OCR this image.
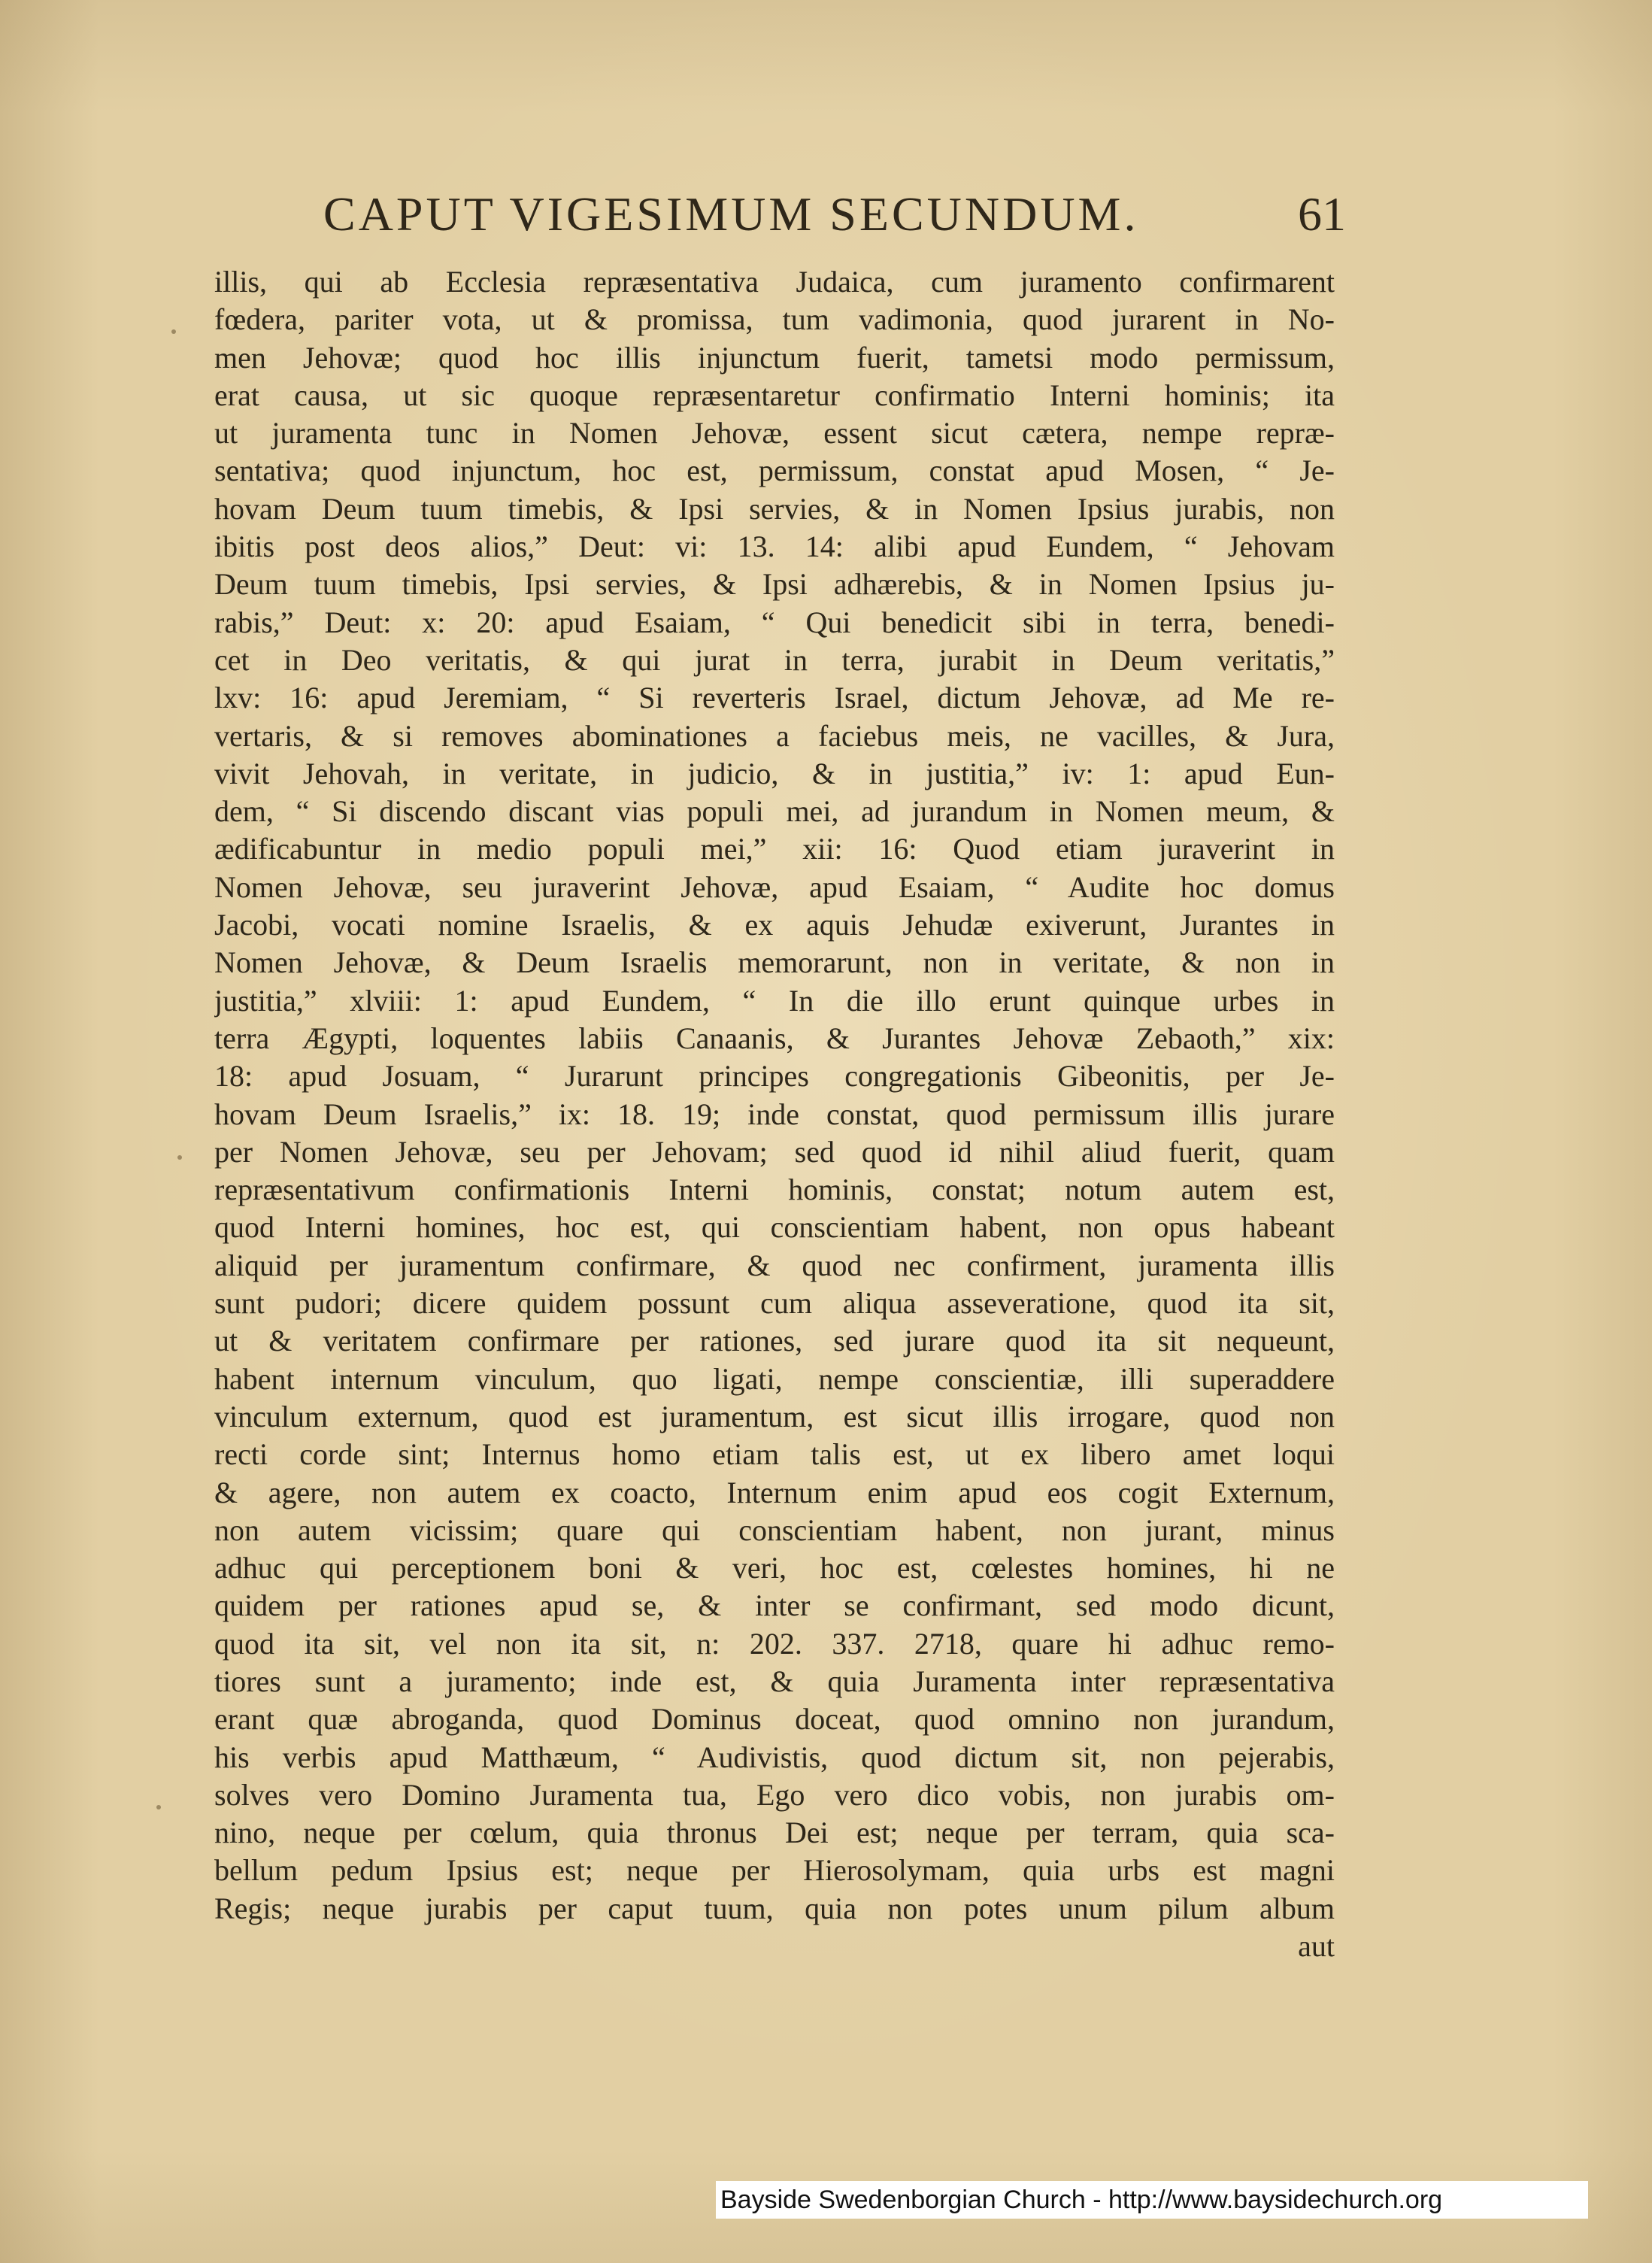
CAPUT VIGESIMUM SECUNDUM.	61
illis, qui ab Ecclesia repræsentativa Judaica, cum juramento confirmarent
fœdera, pariter vota, ut & promissa, tum vadimonia, quod jurarent in No-
men Jehovæ; quod hoc illis injunctum fuerit, tametsi modo permissum,
erat causa, ut sic quoque repræsentaretur confirmatio Interni hominis; ita
ut juramenta tunc in Nomen Jehovæ, essent sicut cætera, nempe repræ-
sentativa; quod injunctum, hoc est, permissum, constat apud Mosen, “ Je-
hovam Deum tuum timebis, & Ipsi servies, & in Nomen Ipsius jurabis, non
ibitis post deos alios,” Deut: vi: 13. 14: alibi apud Eundem, “ Jehovam
Deum tuum timebis, Ipsi servies, & Ipsi adhærebis, & in Nomen Ipsius ju-
rabis,” Deut: x: 20: apud Esaiam, “ Qui benedicit sibi in terra, benedi-
cet in Deo veritatis, & qui jurat in terra, jurabit in Deum veritatis,”
lxv: 16: apud Jeremiam, “ Si reverteris Israel, dictum Jehovæ, ad Me re-
vertaris, & si removes abominationes a faciebus meis, ne vacilles, & Jura,
vivit Jehovah, in veritate, in judicio, & in justitia,” iv: 1: apud Eun-
dem, “ Si discendo discant vias populi mei, ad jurandum in Nomen meum, &
ædificabuntur in medio populi mei,” xii: 16: Quod etiam juraverint in
Nomen Jehovæ, seu juraverint Jehovæ, apud Esaiam, “ Audite hoc domus
Jacobi, vocati nomine Israelis, & ex aquis Jehudæ exiverunt, Jurantes in
Nomen Jehovæ, & Deum Israelis memorarunt, non in veritate, & non in
justitia,” xlviii: 1: apud Eundem, “ In die illo erunt quinque urbes in
terra Ægypti, loquentes labiis Canaanis, & Jurantes Jehovæ Zebaoth,” xix:
18: apud Josuam, “ Jurarunt principes congregationis Gibeonitis, per Je-
hovam Deum Israelis,” ix: 18. 19; inde constat, quod permissum illis jurare
per Nomen Jehovæ, seu per Jehovam; sed quod id nihil aliud fuerit, quam
repræsentativum confirmationis Interni hominis, constat; notum autem est,
quod Interni homines, hoc est, qui conscientiam habent, non opus habeant
aliquid per juramentum confirmare, & quod nec confirment, juramenta illis
sunt pudori; dicere quidem possunt cum aliqua asseveratione, quod ita sit,
ut & veritatem confirmare per rationes, sed jurare quod ita sit nequeunt,
habent internum vinculum, quo ligati, nempe conscientiæ, illi superaddere
vinculum externum, quod est juramentum, est sicut illis irrogare, quod non
recti corde sint; Internus homo etiam talis est, ut ex libero amet loqui
& agere, non autem ex coacto, Internum enim apud eos cogit Externum,
non autem vicissim; quare qui conscientiam habent, non jurant, minus
adhuc qui perceptionem boni & veri, hoc est, cœlestes homines, hi ne
quidem per rationes apud se, & inter se confirmant, sed modo dicunt,
quod ita sit, vel non ita sit, n: 202. 337. 2718, quare hi adhuc remo-
tiores sunt a juramento; inde est, & quia Juramenta inter repræsentativa
erant quæ abroganda, quod Dominus doceat, quod omnino non jurandum,
his verbis apud Matthæum, “ Audivistis, quod dictum sit, non pejerabis,
solves vero Domino Juramenta tua, Ego vero dico vobis, non jurabis om-
nino, neque per cœlum, quia thronus Dei est; neque per terram, quia sca-
bellum pedum Ipsius est; neque per Hierosolymam, quia urbs est magni
Regis; neque jurabis per caput tuum, quia non potes unum pilum album
aut
Bayside Swedenborgian Church - http://www.baysidechurch.org
